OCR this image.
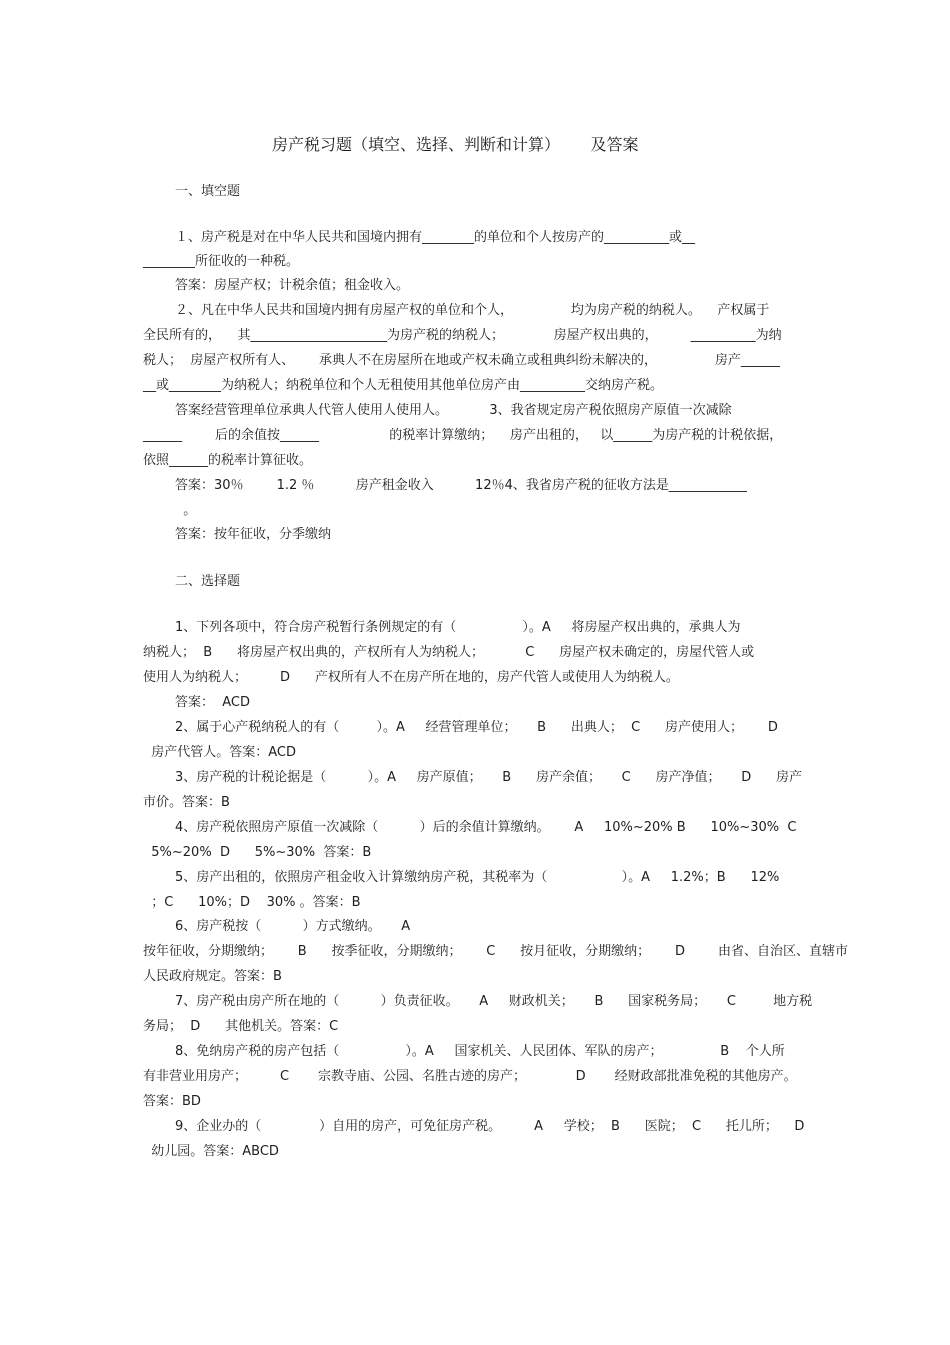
房产税习题（填空、选择、判断和计算）      及答案
一、填空题
１、房产税是对在中华人民共和国境内拥有________的单位和个人按房产的__________或__
________所征收的一种税。
答案：房屋产权；计税余值；租金收入。
２、凡在中华人民共和国境内拥有房屋产权的单位和个人，              均为房产税的纳税人。    产权属于
全民所有的，    其_____________________为房产税的纳税人；            房屋产权出典的，        __________为纳
税人；  房屋产权所有人、      承典人不在房屋所在地或产权未确立或租典纠纷未解决的，              房产______
__或________为纳税人；纳税单位和个人无租使用其他单位房产由__________交纳房产税。
答案经营管理单位承典人代管人使用人使用人。          3、我省规定房产税依照房产原值一次减除
______        后的余值按______                 的税率计算缴纳；    房产出租的，   以______为房产税的计税依据，
依照______的税率计算征收。
答案：30％        1.2 ％          房产租金收入          12％4、我省房产税的征收方法是____________
。
答案：按年征收，分季缴纳
二、选择题
1、下列各项中，符合房产税暂行条例规定的有（                ）。A     将房屋产权出典的，承典人为
纳税人；  B      将房屋产权出典的，产权所有人为纳税人；          C      房屋产权未确定的，房屋代管人或
使用人为纳税人；        D      产权所有人不在房产所在地的，房产代管人或使用人为纳税人。
答案：  ACD
2、属于心产税纳税人的有（         ）。A     经营管理单位；     B      出典人；  C      房产使用人；      D
房产代管人。答案：ACD
3、房产税的计税论据是（          ）。A     房产原值；     B      房产余值；     C      房产净值；     D      房产
市价。答案：B
4、房产税依照房产原值一次减除（          ）后的余值计算缴纳。      A     10%~20% B      10%~30%  C
5%~20%  D      5%~30%  答案：B
5、房产出租的，依照房产租金收入计算缴纳房产税，其税率为（                  ）。A     1.2%；B      12%
；C      10%；D    30% 。答案：B
6、房产税按（          ）方式缴纳。     A
按年征收，分期缴纳；      B      按季征收，分期缴纳；      C      按月征收，分期缴纳；      D        由省、自治区、直辖市
人民政府规定。答案：B
7、房产税由房产所在地的（          ）负责征收。     A     财政机关；     B      国家税务局；     C         地方税
务局；  D      其他机关。答案：C
8、免纳房产税的房产包括（                ）。A     国家机关、人民团体、军队的房产；              B    个人所
有非营业用房产；        C       宗教寺庙、公园、名胜古迹的房产；            D       经财政部批准免税的其他房产。
答案：BD
9、企业办的（              ）自用的房产，可免征房产税。        A     学校；  B      医院；  C      托儿所；    D
幼儿园。答案：ABCD
